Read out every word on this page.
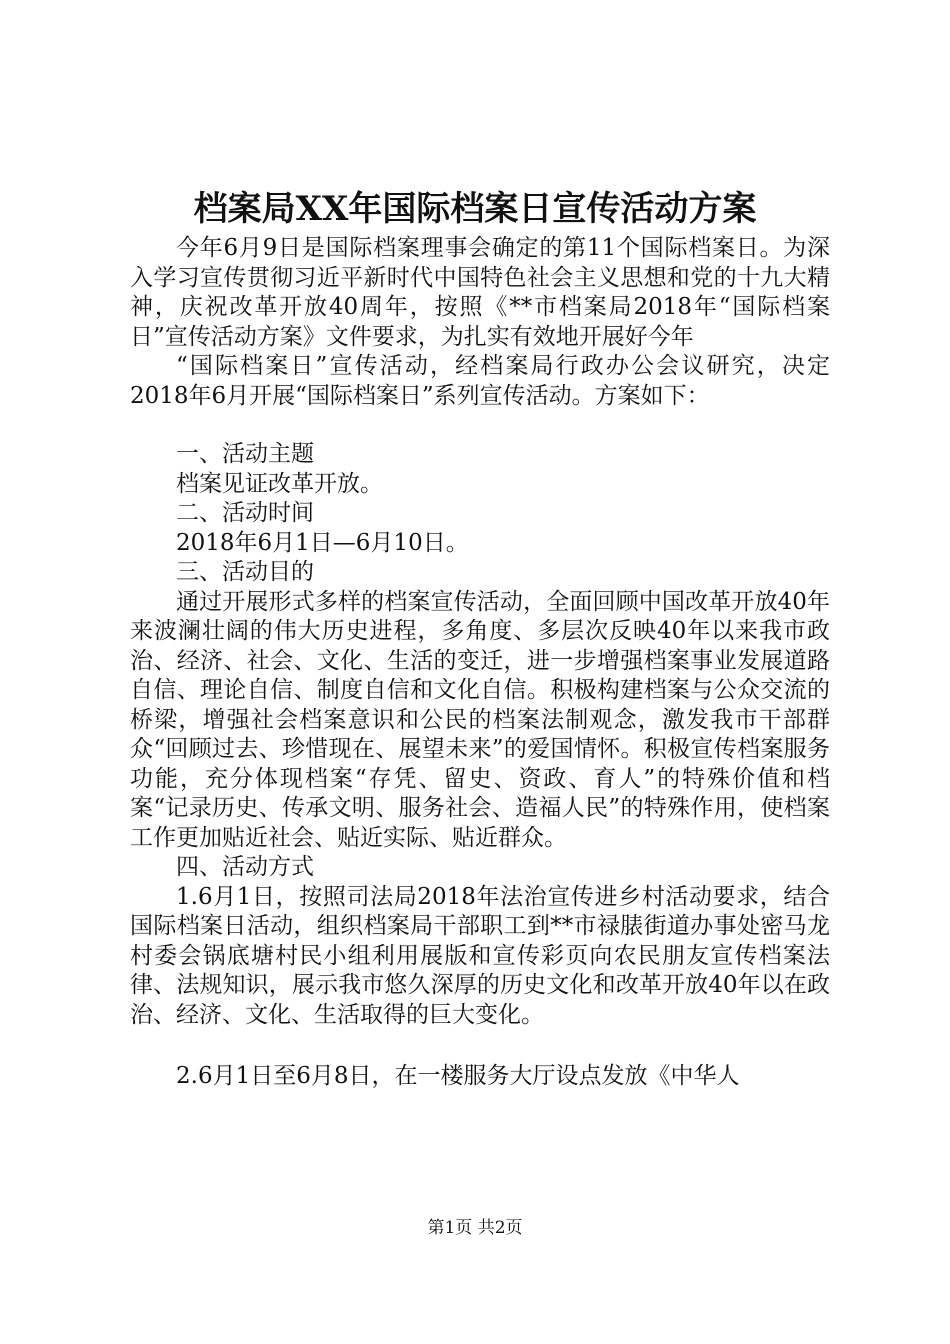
档案局XX年国际档案日宣传活动方案

今年6月9日是国际档案理事会确定的第11个国际档案日。为深入学习宣传贯彻习近平新时代中国特色社会主义思想和党的十九大精神，庆祝改革开放40周年，按照《**市档案局2018年“国际档案日”宣传活动方案》文件要求，为扎实有效地开展好今年

“国际档案日”宣传活动，经档案局行政办公会议研究，决定2018年6月开展“国际档案日”系列宣传活动。方案如下：

一、活动主题

档案见证改革开放。

二、活动时间

2018年6月1日—6月10日。

三、活动目的

通过开展形式多样的档案宣传活动，全面回顾中国改革开放40年来波澜壮阔的伟大历史进程，多角度、多层次反映40年以来我市政治、经济、社会、文化、生活的变迁，进一步增强档案事业发展道路自信、理论自信、制度自信和文化自信。积极构建档案与公众交流的桥梁，增强社会档案意识和公民的档案法制观念，激发我市干部群众“回顾过去、珍惜现在、展望未来”的爱国情怀。积极宣传档案服务功能，充分体现档案“存凭、留史、资政、育人”的特殊价值和档案“记录历史、传承文明、服务社会、造福人民”的特殊作用，使档案工作更加贴近社会、贴近实际、贴近群众。

四、活动方式

1.6月1日，按照司法局2018年法治宣传进乡村活动要求，结合国际档案日活动，组织档案局干部职工到**市禄脿街道办事处密马龙村委会锅底塘村民小组利用展版和宣传彩页向农民朋友宣传档案法律、法规知识，展示我市悠久深厚的历史文化和改革开放40年以在政治、经济、文化、生活取得的巨大变化。

2.6月1日至6月8日，在一楼服务大厅设点发放《中华人

第1页 共2页
